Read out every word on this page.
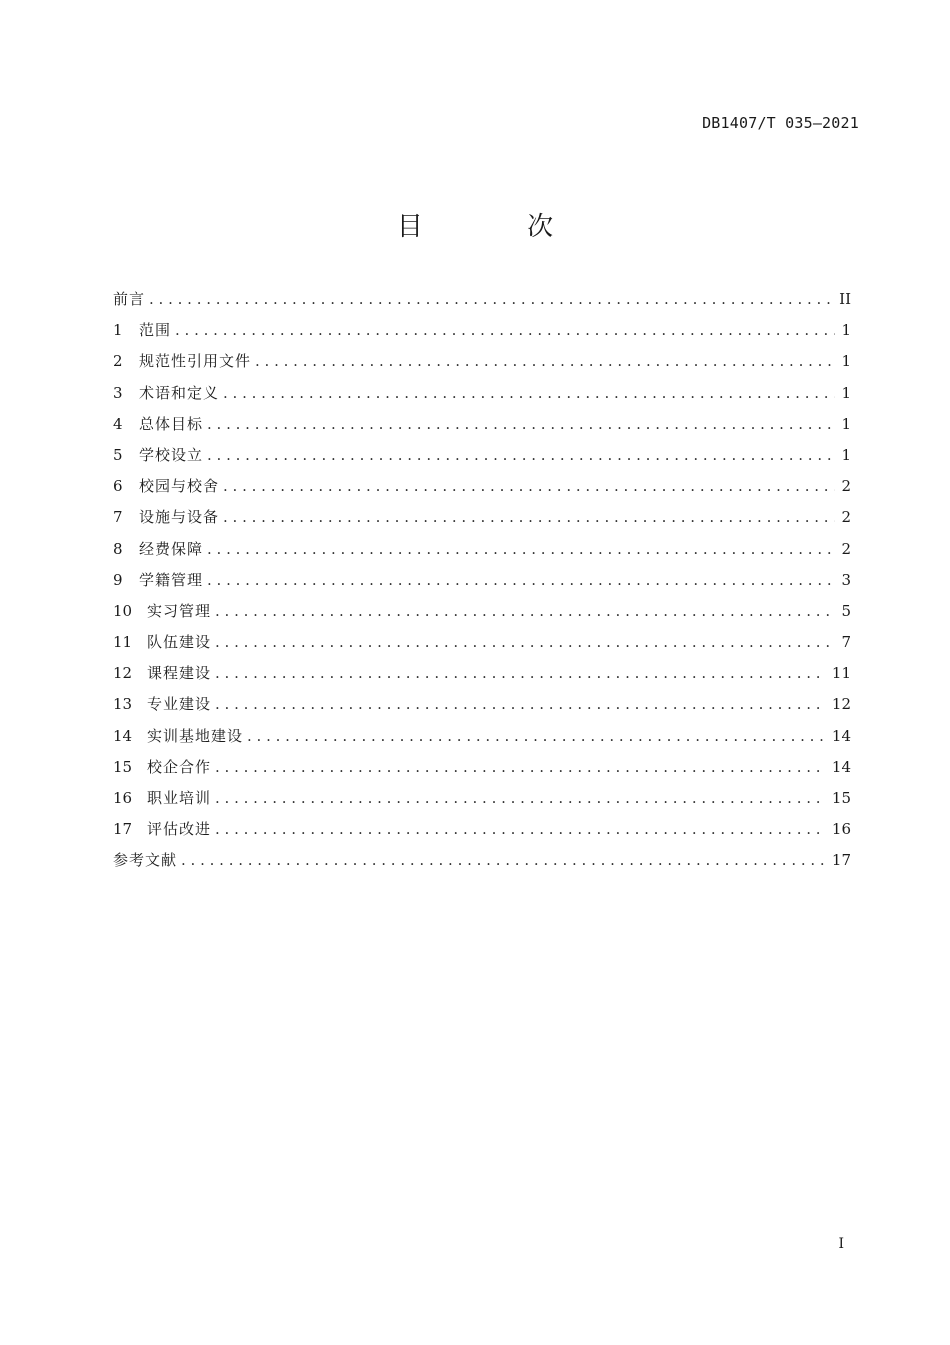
DB1407/T 035—2021
目 次
前言 . . .	II
1	范围 . . .	1
2	规范性引用文件 . . .	1
3	术语和定义 . . .	1
4	总体目标 . . .	1
5	学校设立 . . .	1
6	校园与校舍 . . .	2
7	设施与设备 . . .	2
8	经费保障 . . .	2
9	学籍管理 . . .	3
10 实习管理 . . .	5
11 队伍建设 . . .	7
12 课程建设 . . .	11
13 专业建设 . . .	12
14 实训基地建设 . . .	14
15 校企合作 . . .	14
16 职业培训 . . .	15
17 评估改进 . . .	16
参考文献 . . .	17
I
